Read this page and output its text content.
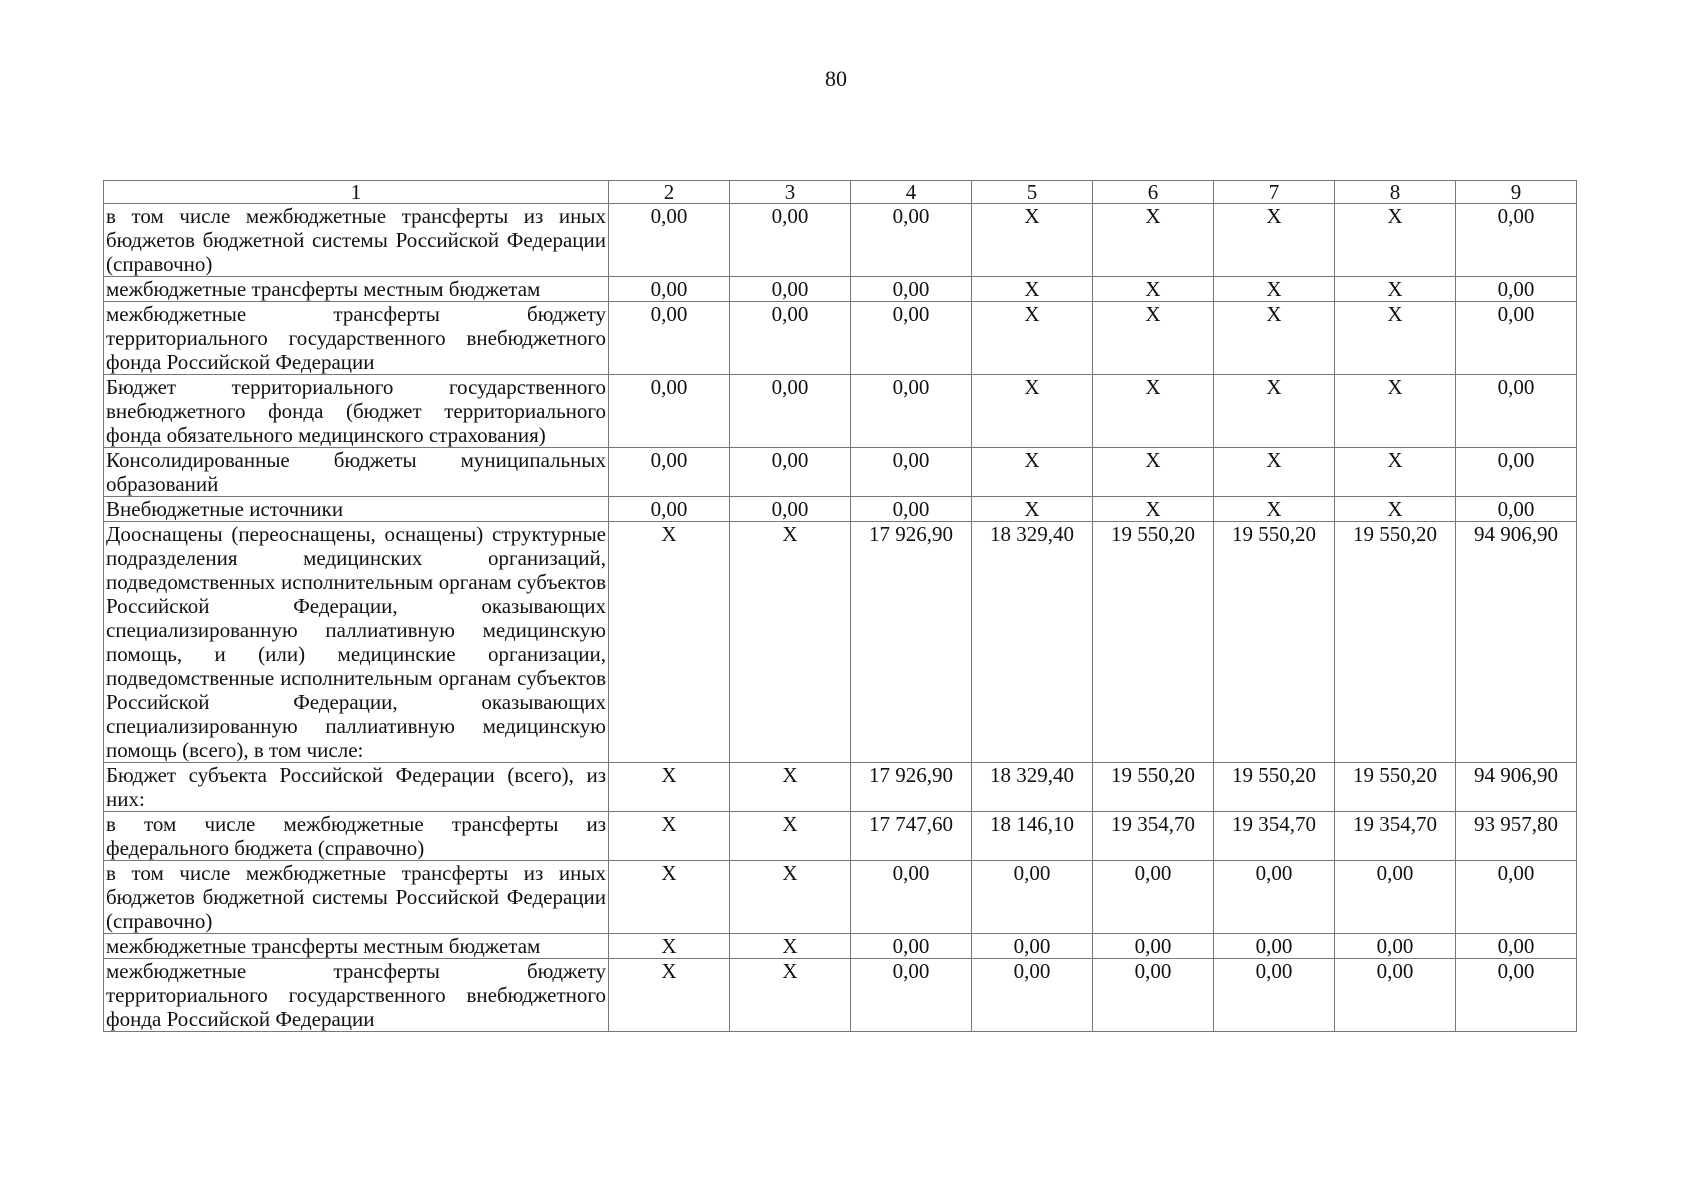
80
1	2	3	4	5	6	7	8	9
в том числе межбюджетные трансферты из иных бюджетов бюджетной системы Российской Федерации (справочно)	0,00	0,00	0,00	X	X	X	X	0,00
межбюджетные трансферты местным бюджетам	0,00	0,00	0,00	X	X	X	X	0,00
межбюджетные трансферты бюджету территориального государственного внебюджетного фонда Российской Федерации	0,00	0,00	0,00	X	X	X	X	0,00
Бюджет территориального государственного внебюджетного фонда (бюджет территориального фонда обязательного медицинского страхования)	0,00	0,00	0,00	X	X	X	X	0,00
Консолидированные бюджеты муниципальных образований	0,00	0,00	0,00	X	X	X	X	0,00
Внебюджетные источники	0,00	0,00	0,00	X	X	X	X	0,00
Дооснащены (переоснащены, оснащены) структурные подразделения медицинских организаций, подведомственных исполнительным органам субъектов Российской Федерации, оказывающих специализированную паллиативную медицинскую помощь, и (или) медицинские организации, подведомственные исполнительным органам субъектов Российской Федерации, оказывающих специализированную паллиативную медицинскую помощь (всего), в том числе:	X	X	17 926,90	18 329,40	19 550,20	19 550,20	19 550,20	94 906,90
Бюджет субъекта Российской Федерации (всего), из них:	X	X	17 926,90	18 329,40	19 550,20	19 550,20	19 550,20	94 906,90
в том числе межбюджетные трансферты из федерального бюджета (справочно)	X	X	17 747,60	18 146,10	19 354,70	19 354,70	19 354,70	93 957,80
в том числе межбюджетные трансферты из иных бюджетов бюджетной системы Российской Федерации (справочно)	X	X	0,00	0,00	0,00	0,00	0,00	0,00
межбюджетные трансферты местным бюджетам	X	X	0,00	0,00	0,00	0,00	0,00	0,00
межбюджетные трансферты бюджету территориального государственного внебюджетного фонда Российской Федерации	X	X	0,00	0,00	0,00	0,00	0,00	0,00
